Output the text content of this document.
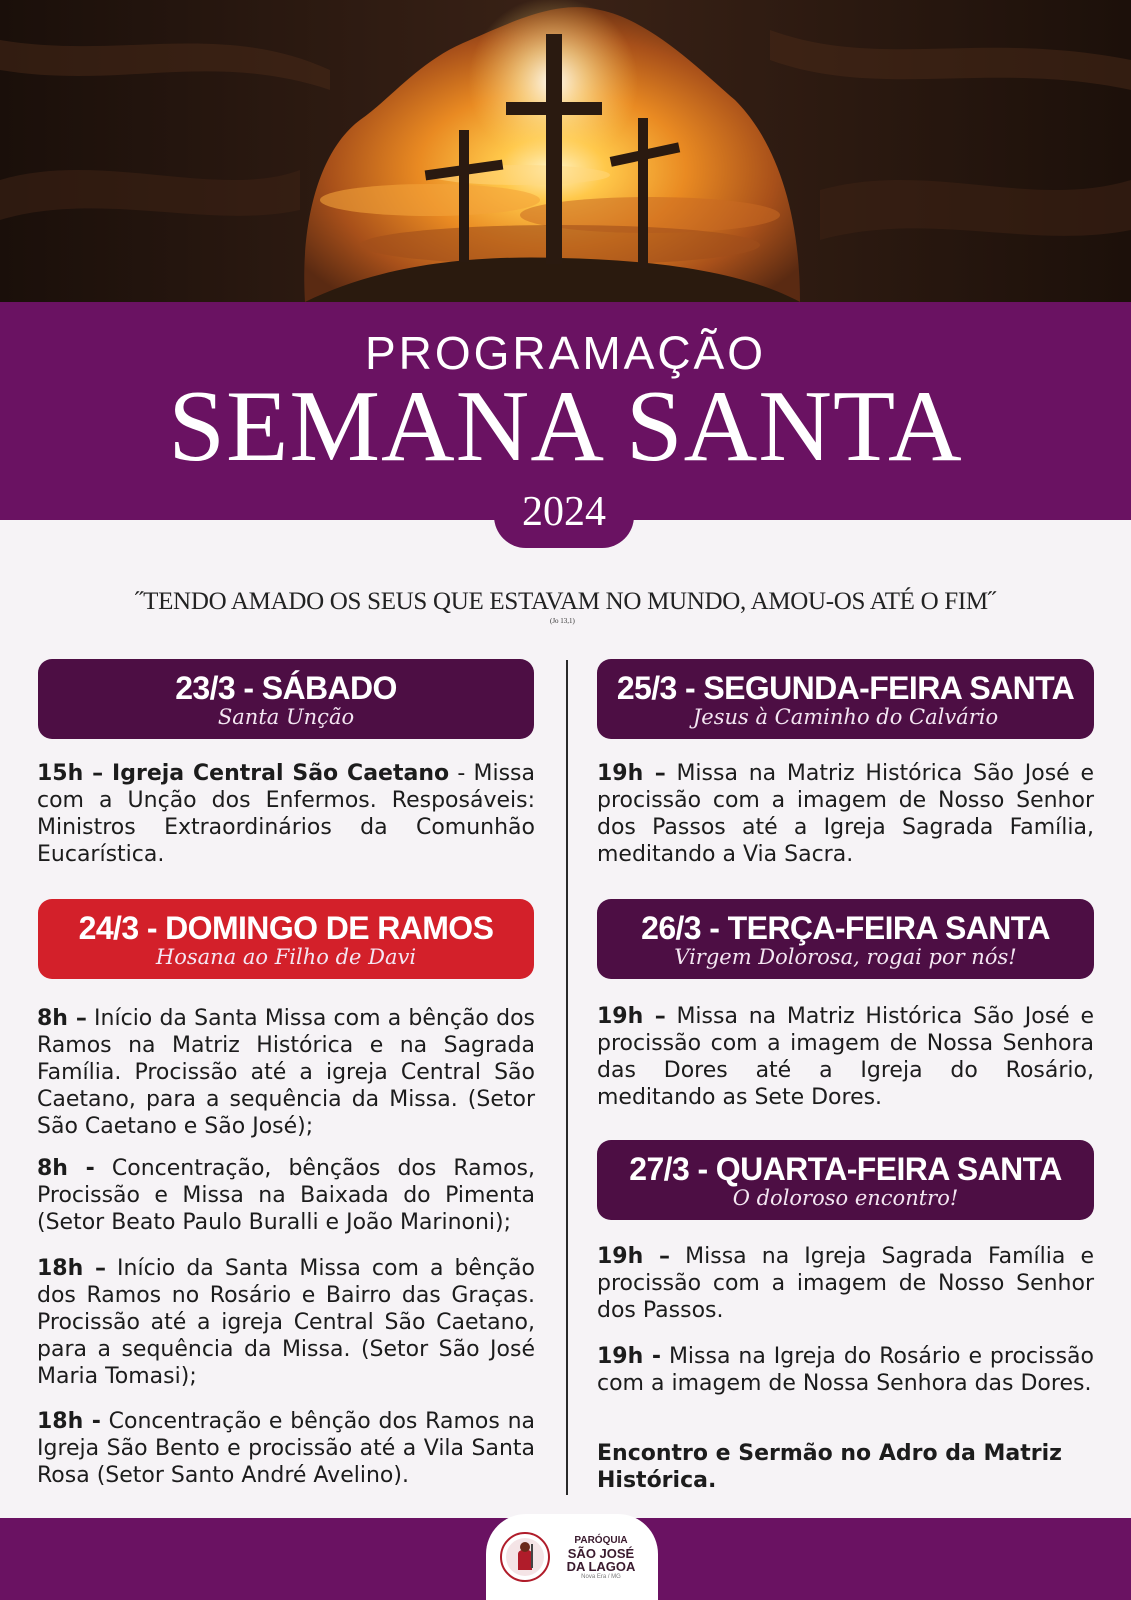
PROGRAMAÇÃO
SEMANA SANTA
2024
˝TENDO AMADO OS SEUS QUE ESTAVAM NO MUNDO, AMOU-OS ATÉ O FIM˝
(Jo 13,1)
23/3 - SÁBADO
Santa Unção

15h – Igreja Central São Caetano - Missa com a Unção dos Enfermos. Resposáveis: Ministros Extraordinários da Comunhão Eucarística.

24/3 - DOMINGO DE RAMOS
Hosana ao Filho de Davi

8h – Início da Santa Missa com a bênção dos Ramos na Matriz Histórica e na Sagrada Família. Procissão até a igreja Central São Caetano, para a sequência da Missa. (Setor São Caetano e São José);

8h - Concentração, bênçãos dos Ramos, Procissão e Missa na Baixada do Pimenta (Setor Beato Paulo Buralli e João Marinoni);

18h – Início da Santa Missa com a bênção dos Ramos no Rosário e Bairro das Graças. Procissão até a igreja Central São Caetano, para a sequência da Missa. (Setor São José Maria Tomasi);

18h - Concentração e bênção dos Ramos na Igreja São Bento e procissão até a Vila Santa Rosa (Setor Santo André Avelino).

25/3 - SEGUNDA-FEIRA SANTA
Jesus à Caminho do Calvário

19h – Missa na Matriz Histórica São José e procissão com a imagem de Nosso Senhor dos Passos até a Igreja Sagrada Família, meditando a Via Sacra.

26/3 - TERÇA-FEIRA SANTA
Virgem Dolorosa, rogai por nós!

19h – Missa na Matriz Histórica São José e procissão com a imagem de Nossa Senhora das Dores até a Igreja do Rosário, meditando as Sete Dores.

27/3 - QUARTA-FEIRA SANTA
O doloroso encontro!

19h – Missa na Igreja Sagrada Família e procissão com a imagem de Nosso Senhor dos Passos.

19h - Missa na Igreja do Rosário e procissão com a imagem de Nossa Senhora das Dores.

Encontro e Sermão no Adro da Matriz Histórica.

PARÓQUIA
SÃO JOSÉ
DA LAGOA
Nova Era / MG
